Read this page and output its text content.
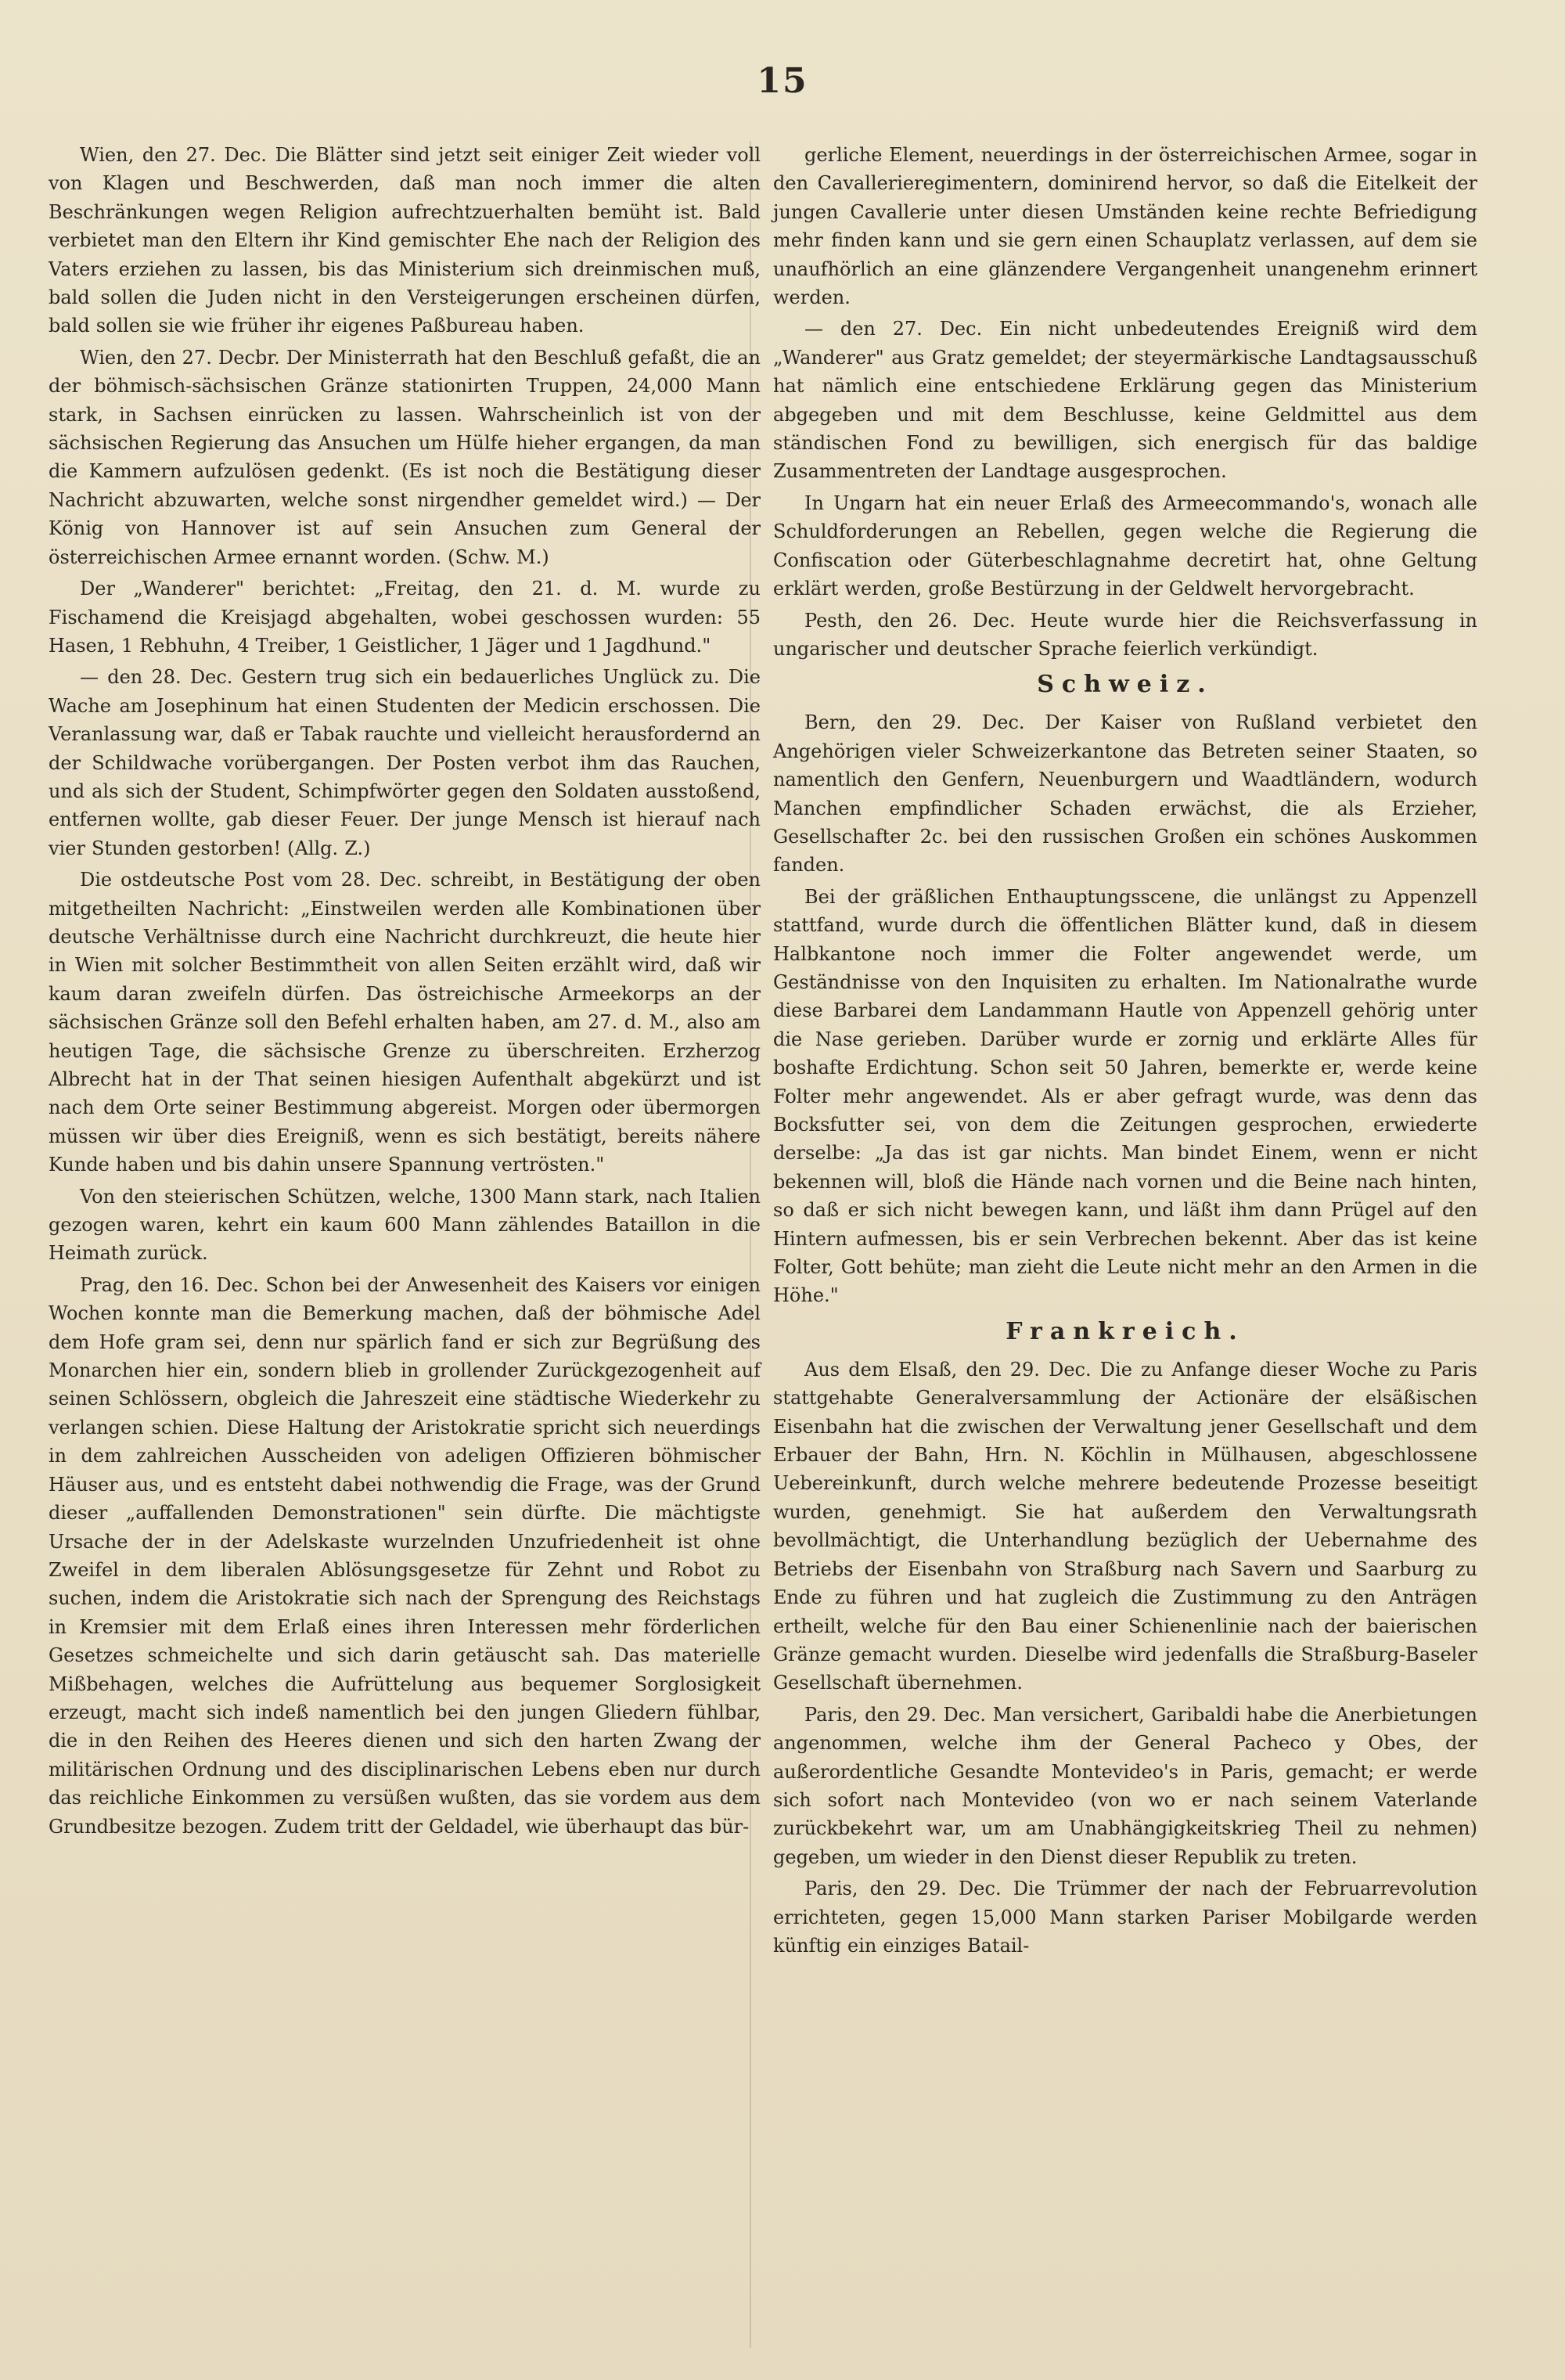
15

Wien, den 27. Dec. Die Blätter sind jetzt seit einiger Zeit wieder voll von Klagen und Beschwerden, daß man noch immer die alten Beschränkungen wegen Religion aufrechtzuerhalten bemüht ist. Bald verbietet man den Eltern ihr Kind gemischter Ehe nach der Religion des Vaters erziehen zu lassen, bis das Ministerium sich dreinmischen muß, bald sollen die Juden nicht in den Versteigerungen erscheinen dürfen, bald sollen sie wie früher ihr eigenes Paßbureau haben.

Wien, den 27. Decbr. Der Ministerrath hat den Beschluß gefaßt, die an der böhmisch-sächsischen Gränze stationirten Truppen, 24,000 Mann stark, in Sachsen einrücken zu lassen. Wahrscheinlich ist von der sächsischen Regierung das Ansuchen um Hülfe hieher ergangen, da man die Kammern aufzulösen gedenkt. (Es ist noch die Bestätigung dieser Nachricht abzuwarten, welche sonst nirgendher gemeldet wird.) — Der König von Hannover ist auf sein Ansuchen zum General der österreichischen Armee ernannt worden. (Schw. M.)

Der „Wanderer" berichtet: „Freitag, den 21. d. M. wurde zu Fischamend die Kreisjagd abgehalten, wobei geschossen wurden: 55 Hasen, 1 Rebhuhn, 4 Treiber, 1 Geistlicher, 1 Jäger und 1 Jagdhund."

— den 28. Dec. Gestern trug sich ein bedauerliches Unglück zu. Die Wache am Josephinum hat einen Studenten der Medicin erschossen. Die Veranlassung war, daß er Tabak rauchte und vielleicht herausfordernd an der Schildwache vorübergangen. Der Posten verbot ihm das Rauchen, und als sich der Student, Schimpfwörter gegen den Soldaten ausstoßend, entfernen wollte, gab dieser Feuer. Der junge Mensch ist hierauf nach vier Stunden gestorben! (Allg. Z.)

Die ostdeutsche Post vom 28. Dec. schreibt, in Bestätigung der oben mitgetheilten Nachricht: „Einstweilen werden alle Kombinationen über deutsche Verhältnisse durch eine Nachricht durchkreuzt, die heute hier in Wien mit solcher Bestimmtheit von allen Seiten erzählt wird, daß wir kaum daran zweifeln dürfen. Das östreichische Armeekorps an der sächsischen Gränze soll den Befehl erhalten haben, am 27. d. M., also am heutigen Tage, die sächsische Grenze zu überschreiten. Erzherzog Albrecht hat in der That seinen hiesigen Aufenthalt abgekürzt und ist nach dem Orte seiner Bestimmung abgereist. Morgen oder übermorgen müssen wir über dies Ereigniß, wenn es sich bestätigt, bereits nähere Kunde haben und bis dahin unsere Spannung vertrösten."

Von den steierischen Schützen, welche, 1300 Mann stark, nach Italien gezogen waren, kehrt ein kaum 600 Mann zählendes Bataillon in die Heimath zurück.

Prag, den 16. Dec. Schon bei der Anwesenheit des Kaisers vor einigen Wochen konnte man die Bemerkung machen, daß der böhmische Adel dem Hofe gram sei, denn nur spärlich fand er sich zur Begrüßung des Monarchen hier ein, sondern blieb in grollender Zurückgezogenheit auf seinen Schlössern, obgleich die Jahreszeit eine städtische Wiederkehr zu verlangen schien. Diese Haltung der Aristokratie spricht sich neuerdings in dem zahlreichen Ausscheiden von adeligen Offizieren böhmischer Häuser aus, und es entsteht dabei nothwendig die Frage, was der Grund dieser „auffallenden Demonstrationen" sein dürfte. Die mächtigste Ursache der in der Adelskaste wurzelnden Unzufriedenheit ist ohne Zweifel in dem liberalen Ablösungsgesetze für Zehnt und Robot zu suchen, indem die Aristokratie sich nach der Sprengung des Reichstags in Kremsier mit dem Erlaß eines ihren Interessen mehr förderlichen Gesetzes schmeichelte und sich darin getäuscht sah. Das materielle Mißbehagen, welches die Aufrüttelung aus bequemer Sorglosigkeit erzeugt, macht sich indeß namentlich bei den jungen Gliedern fühlbar, die in den Reihen des Heeres dienen und sich den harten Zwang der militärischen Ordnung und des disciplinarischen Lebens eben nur durch das reichliche Einkommen zu versüßen wußten, das sie vordem aus dem Grundbesitze bezogen. Zudem tritt der Geldadel, wie überhaupt das bür-

gerliche Element, neuerdings in der österreichischen Armee, sogar in den Cavallerieregimentern, dominirend hervor, so daß die Eitelkeit der jungen Cavallerie unter diesen Umständen keine rechte Befriedigung mehr finden kann und sie gern einen Schauplatz verlassen, auf dem sie unaufhörlich an eine glänzendere Vergangenheit unangenehm erinnert werden.

— den 27. Dec. Ein nicht unbedeutendes Ereigniß wird dem „Wanderer" aus Gratz gemeldet; der steyermärkische Landtagsausschuß hat nämlich eine entschiedene Erklärung gegen das Ministerium abgegeben und mit dem Beschlusse, keine Geldmittel aus dem ständischen Fond zu bewilligen, sich energisch für das baldige Zusammentreten der Landtage ausgesprochen.

In Ungarn hat ein neuer Erlaß des Armeecommando's, wonach alle Schuldforderungen an Rebellen, gegen welche die Regierung die Confiscation oder Güterbeschlagnahme decretirt hat, ohne Geltung erklärt werden, große Bestürzung in der Geldwelt hervorgebracht.

Pesth, den 26. Dec. Heute wurde hier die Reichsverfassung in ungarischer und deutscher Sprache feierlich verkündigt.

Schweiz.

Bern, den 29. Dec. Der Kaiser von Rußland verbietet den Angehörigen vieler Schweizerkantone das Betreten seiner Staaten, so namentlich den Genfern, Neuenburgern und Waadtländern, wodurch Manchen empfindlicher Schaden erwächst, die als Erzieher, Gesellschafter 2c. bei den russischen Großen ein schönes Auskommen fanden.

Bei der gräßlichen Enthauptungsscene, die unlängst zu Appenzell stattfand, wurde durch die öffentlichen Blätter kund, daß in diesem Halbkantone noch immer die Folter angewendet werde, um Geständnisse von den Inquisiten zu erhalten. Im Nationalrathe wurde diese Barbarei dem Landammann Hautle von Appenzell gehörig unter die Nase gerieben. Darüber wurde er zornig und erklärte Alles für boshafte Erdichtung. Schon seit 50 Jahren, bemerkte er, werde keine Folter mehr angewendet. Als er aber gefragt wurde, was denn das Bocksfutter sei, von dem die Zeitungen gesprochen, erwiederte derselbe: „Ja das ist gar nichts. Man bindet Einem, wenn er nicht bekennen will, bloß die Hände nach vornen und die Beine nach hinten, so daß er sich nicht bewegen kann, und läßt ihm dann Prügel auf den Hintern aufmessen, bis er sein Verbrechen bekennt. Aber das ist keine Folter, Gott behüte; man zieht die Leute nicht mehr an den Armen in die Höhe."

Frankreich.

Aus dem Elsaß, den 29. Dec. Die zu Anfange dieser Woche zu Paris stattgehabte Generalversammlung der Actionäre der elsäßischen Eisenbahn hat die zwischen der Verwaltung jener Gesellschaft und dem Erbauer der Bahn, Hrn. N. Köchlin in Mülhausen, abgeschlossene Uebereinkunft, durch welche mehrere bedeutende Prozesse beseitigt wurden, genehmigt. Sie hat außerdem den Verwaltungsrath bevollmächtigt, die Unterhandlung bezüglich der Uebernahme des Betriebs der Eisenbahn von Straßburg nach Savern und Saarburg zu Ende zu führen und hat zugleich die Zustimmung zu den Anträgen ertheilt, welche für den Bau einer Schienenlinie nach der baierischen Gränze gemacht wurden. Dieselbe wird jedenfalls die Straßburg-Baseler Gesellschaft übernehmen.

Paris, den 29. Dec. Man versichert, Garibaldi habe die Anerbietungen angenommen, welche ihm der General Pacheco y Obes, der außerordentliche Gesandte Montevideo's in Paris, gemacht; er werde sich sofort nach Montevideo (von wo er nach seinem Vaterlande zurückbekehrt war, um am Unabhängigkeitskrieg Theil zu nehmen) gegeben, um wieder in den Dienst dieser Republik zu treten.

Paris, den 29. Dec. Die Trümmer der nach der Februarrevolution errichteten, gegen 15,000 Mann starken Pariser Mobilgarde werden künftig ein einziges Batail-
